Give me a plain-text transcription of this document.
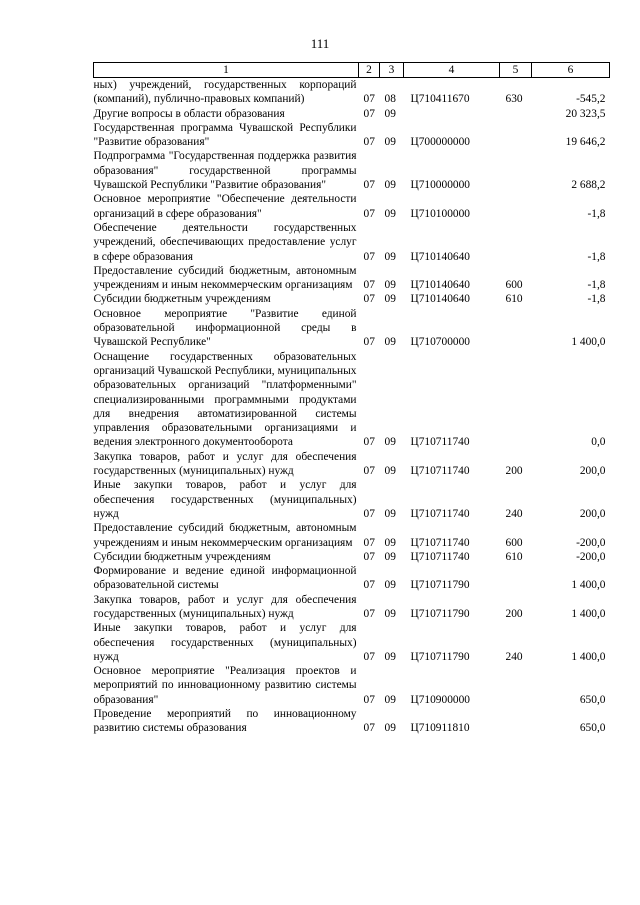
111
1	2	3	4	5	6
ных) учреждений, государственных корпораций (компаний), публично-правовых компаний)	07	08	Ц710411670	630	-545,2
Другие вопросы в области образования	07	09			20 323,5
Государственная программа Чувашской Республики "Развитие образования"	07	09	Ц700000000		19 646,2
Подпрограмма "Государственная поддержка развития образования" государственной программы Чувашской Республики "Развитие образования"	07	09	Ц710000000		2 688,2
Основное мероприятие "Обеспечение деятельности организаций в сфере образования"	07	09	Ц710100000		-1,8
Обеспечение деятельности государственных учреждений, обеспечивающих предоставление услуг в сфере образования	07	09	Ц710140640		-1,8
Предоставление субсидий бюджетным, автономным учреждениям и иным некоммерческим организациям	07	09	Ц710140640	600	-1,8
Субсидии бюджетным учреждениям	07	09	Ц710140640	610	-1,8
Основное мероприятие "Развитие единой образовательной информационной среды в Чувашской Республике"	07	09	Ц710700000		1 400,0
Оснащение государственных образовательных организаций Чувашской Республики, муниципальных образовательных организаций "платформенными" специализированными программными продуктами для внедрения автоматизированной системы управления образовательными организациями и ведения электронного документооборота	07	09	Ц710711740		0,0
Закупка товаров, работ и услуг для обеспечения государственных (муниципальных) нужд	07	09	Ц710711740	200	200,0
Иные закупки товаров, работ и услуг для обеспечения государственных (муниципальных) нужд	07	09	Ц710711740	240	200,0
Предоставление субсидий бюджетным, автономным учреждениям и иным некоммерческим организациям	07	09	Ц710711740	600	-200,0
Субсидии бюджетным учреждениям	07	09	Ц710711740	610	-200,0
Формирование и ведение единой информационной образовательной системы	07	09	Ц710711790		1 400,0
Закупка товаров, работ и услуг для обеспечения государственных (муниципальных) нужд	07	09	Ц710711790	200	1 400,0
Иные закупки товаров, работ и услуг для обеспечения государственных (муниципальных) нужд	07	09	Ц710711790	240	1 400,0
Основное мероприятие "Реализация проектов и мероприятий по инновационному развитию системы образования"	07	09	Ц710900000		650,0
Проведение мероприятий по инновационному развитию системы образования	07	09	Ц710911810		650,0
